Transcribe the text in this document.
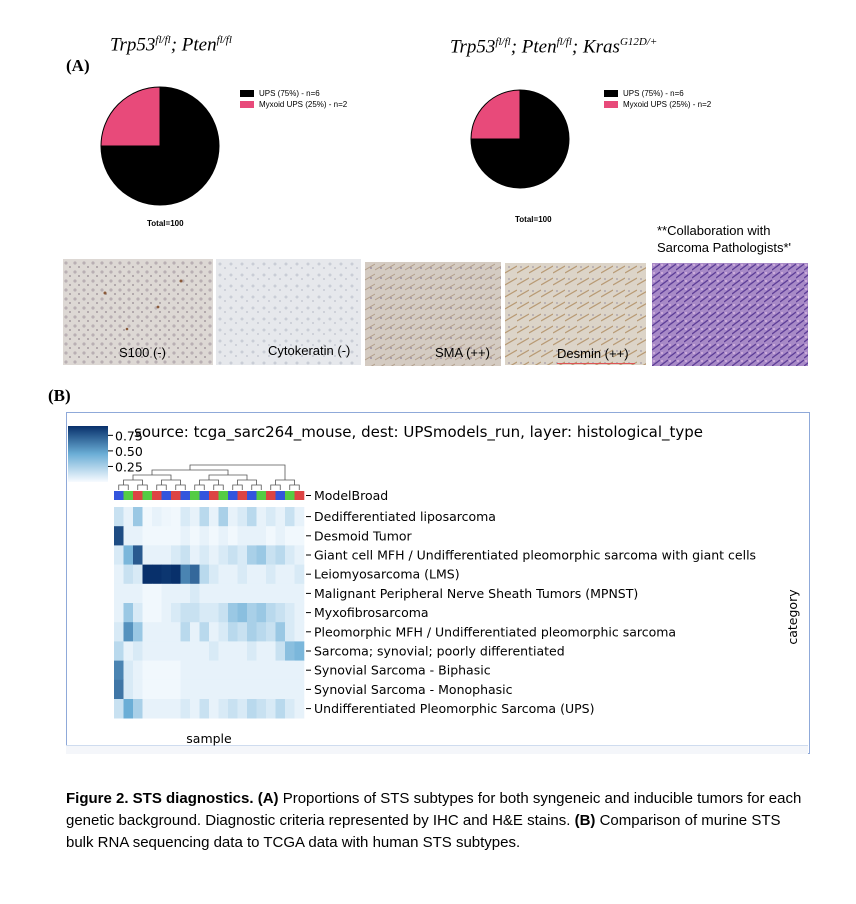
(A)
$Trp53^{fl/fl}$; Pten$^{fl/fl}$	$Trp53^{fl/fl}$; Pten$^{fl/fl}$; Kras$^{G12D/+}$
UPS (75%) - n=6
Myxoid UPS (25%) - n=2
UPS (75%) - n=6
Myxoid UPS (25%) - n=2
Total=100	Total=100
**Collaboration with
Sarcoma Pathologists*'
S100 (-)	Cytokeratin (-)	SMA (++)	Desmin (++)
(B)
0.75
0.50
0.25
source: tcga_sarc264_mouse, dest: UPSmodels_run, layer: histological_type
ModelBroad
Dedifferentiated liposarcoma
Desmoid Tumor
Giant cell MFH / Undifferentiated pleomorphic sarcoma with giant cells
Leiomyosarcoma (LMS)
Malignant Peripheral Nerve Sheath Tumors (MPNST)
Myxofibrosarcoma
Pleomorphic MFH / Undifferentiated pleomorphic sarcoma
Sarcoma; synovial; poorly differentiated
Synovial Sarcoma - Biphasic
Synovial Sarcoma - Monophasic
Undifferentiated Pleomorphic Sarcoma (UPS)
sample
category
Figure 2. STS diagnostics. (A) Proportions of STS subtypes for both syngeneic and inducible tumors for each genetic background. Diagnostic criteria represented by IHC and H&E stains. (B) Comparison of murine STS bulk RNA sequencing data to TCGA data with human STS subtypes.
